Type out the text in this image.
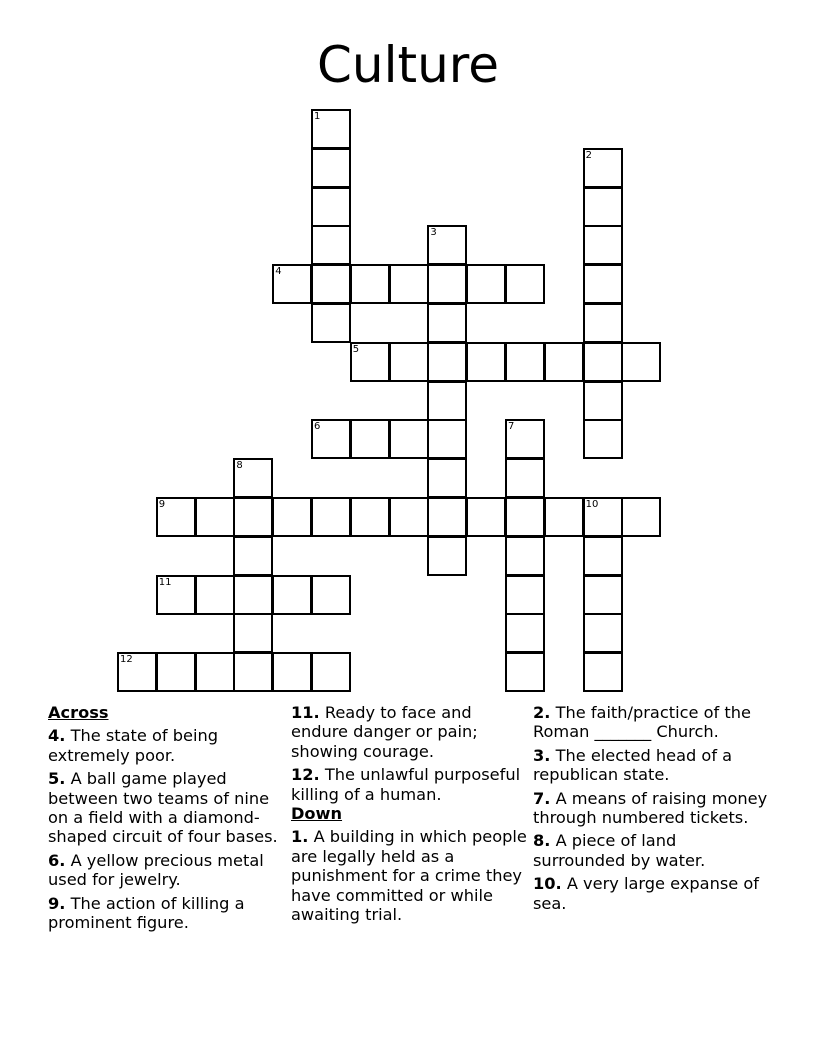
Culture
1
2
3
4
5
6	7
8
9	10
11
12
Across
4. The state of being extremely poor.
5. A ball game played between two teams of nine on a field with a diamond-shaped circuit of four bases.
6. A yellow precious metal used for jewelry.
9. The action of killing a prominent figure.
11. Ready to face and endure danger or pain; showing courage.
12. The unlawful purposeful killing of a human.
Down
1. A building in which people are legally held as a punishment for a crime they have committed or while awaiting trial.
2. The faith/practice of the Roman _______ Church.
3. The elected head of a republican state.
7. A means of raising money through numbered tickets.
8. A piece of land surrounded by water.
10. A very large expanse of sea.
